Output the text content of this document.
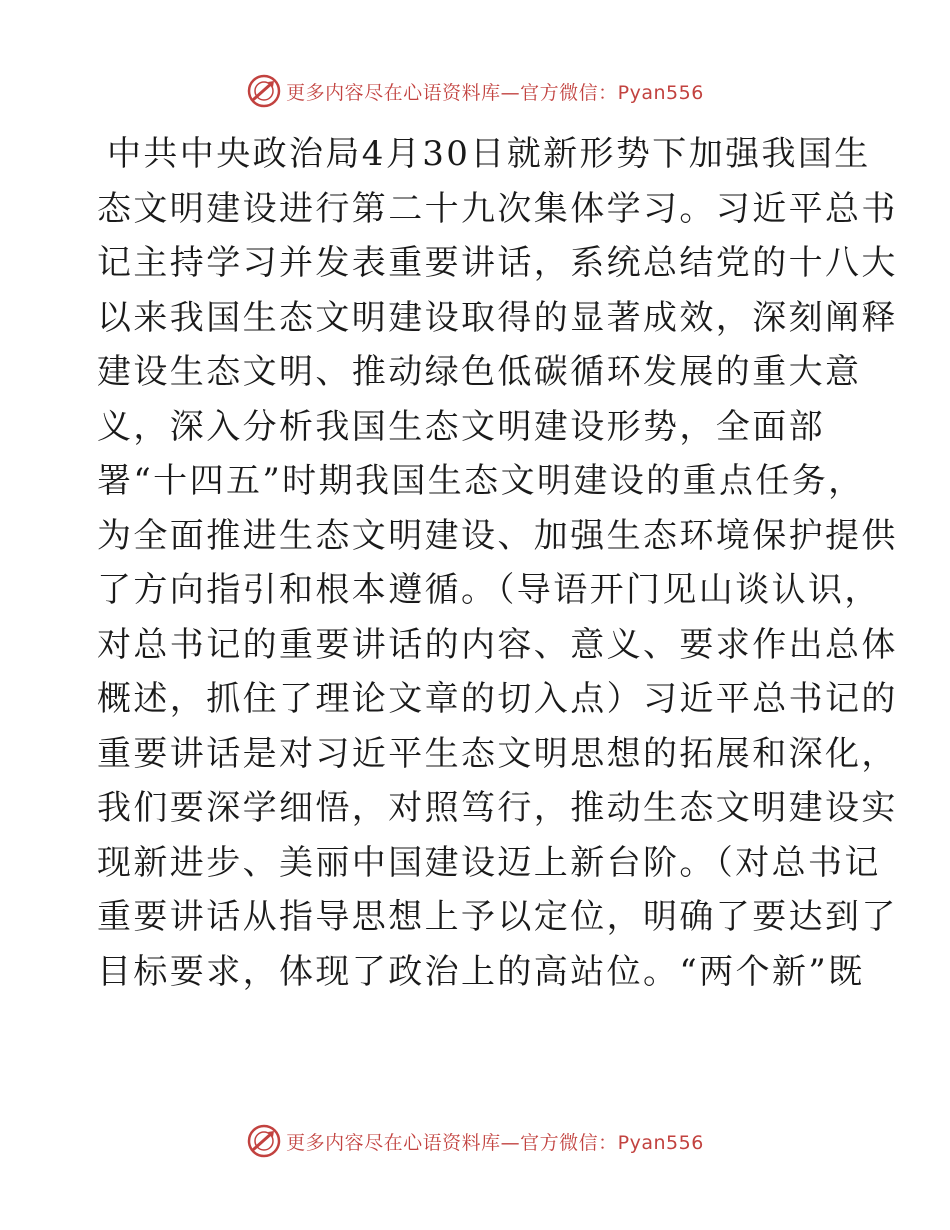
更多内容尽在心语资料库—官方微信：Pyan556
中共中央政治局4月30日就新形势下加强我国生
态文明建设进行第二十九次集体学习。习近平总书
记主持学习并发表重要讲话，系统总结党的十八大
以来我国生态文明建设取得的显著成效，深刻阐释
建设生态文明、推动绿色低碳循环发展的重大意
义，深入分析我国生态文明建设形势，全面部
署“十四五”时期我国生态文明建设的重点任务，
为全面推进生态文明建设、加强生态环境保护提供
了方向指引和根本遵循。（导语开门见山谈认识，
对总书记的重要讲话的内容、意义、要求作出总体
概述，抓住了理论文章的切入点）习近平总书记的
重要讲话是对习近平生态文明思想的拓展和深化，
我们要深学细悟，对照笃行，推动生态文明建设实
现新进步、美丽中国建设迈上新台阶。（对总书记
重要讲话从指导思想上予以定位，明确了要达到了
目标要求，体现了政治上的高站位。“两个新”既
更多内容尽在心语资料库—官方微信：Pyan556
